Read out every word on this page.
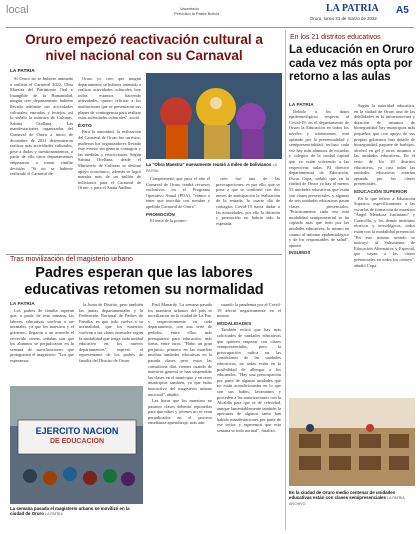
local	Vacentado
Periódico la Patria Bolivia	LA PATRIA
Oruro, lunes 21 de marzo de 2022
A5
Oruro empezó reactivación cultural a nivel nacional con su Carnaval
LA PATRIA

Si Oruro no se hubiese animado a realizar el Carnaval 2022, Obra Maestra del Patrimonio Oral e Intangible de la Humanidad, ningún otro departamento hubiese llevado adelante sus actividades culturales, entradas, y festejos, así lo señaló la ministra de Culturas, Sabina Orellana. Las manifestaciones organizadas del Carnaval de Oruro a inicio de diciembre de 2021 determinaron realizar más actividades culturales, pese a dudas y cuestionamientos, a partir de ello otros departamentos empezaron a tomar similar decisión. "Si no se hubiese realizado el Carnaval de

Oruro yo creo que ningún departamento se hubiera animado a realizar actividades culturales, hoy todos estamos haciendo actividades, quiero felicitar a los instituciones que se presentaron sus planes de contingencia para realizar estas actividades culturales", acotó.

ÉXITO

Para la autoridad, la realización del Carnaval de Oruro fue un éxito, pudieron los organizadores llevado éste evento sin generar contagios y las medidas y restricciones. Según Sabina Orellana, desde el Ministerio de Culturas se destinó apoyo económico, además se logró mandar más de un millón de bolivianos para el Carnaval de Oruro, y para el Anata Andino.

La "Obra Maestra" nuevamente reunió a miles de bolivianos LA PATRIA

Comprometió que para el año el Carnaval de Oruro tendrá recursos exclusivos en el Programa Operativo Anual (POA), "vamos a tener que inscribir con nombre y apellido Carnaval de Oruro".

PROMOCIÓN

El tema de la promo-

ción fue una de las preocupaciones, es por ello, que se pone a que se confirmó con dos meses de anticipación la realización de la entrada, lo cuarto día de contagios Covid-19 hacía dudar a las autoridades, por ello la difusión y promoción no habría sido la esperada.

Tras movilización del magisterio urbano
Padres esperan que las labores educativas retomen su normalidad
LA PATRIA

Los padres de familia esperan que, a partir de esta semana, las labores educativas vuelvan a ser normales, ya que los maestros y el gobierno, llegaron a un acuerdo el recorrido vierne, señalan son que los alumnos se perjudicaron en la semana de movilizaciones que protagonizó el magisterio. "Los que esperamos

la Junta de Distrito, pero también las juntas departamentales y la Federación Nacional de Padres de Familia, es que todo vuelva a su normalidad, que los maestros vuelvan a las clases normales según la modalidad que tenga cada unidad educativa en los nuevos departamentos", expresó el representante de los padres de familia del Distrito de Oruro,

EJERCITO NACION
DE EDUCACION
La semana pasada el magisterio urbano se movilizó en la ciudad de Oruro LA PATRIA

Paul Manardy. La semana pasada los maestros urbanos del país se movilizaron en la ciudad de La Paz, y respectivamente en cada departamento, con una serie de pedidos, entre ellos, más presupuesto para educación, más ítems, entre otros. "Hubo un gran perjuicio, primero en las marchas muchas unidades educativas en la pasada clases pero estos las consultoría días viernes cuando de maestros general se han suspendido las clases en el municipio y en otros municipios también, ya que hubo instructivo del magisterio urbano nacional", añadió.

Las horas que los maestros no pasaron clases deberán reponerlas para que niños y jóvenes no se vean perjudicados en el proceso enseñanza-aprendizaje, más aún

cuando la pandemia por el Covid-19 afectó negativamente en el mismo.

MODALIDADES

También refirió que hay más solicitudes de unidades educativas que quieren empezar con clases semipresenciales, pero la preocupación radica en las condiciones de las unidades educativas, no todas están en la posibilidad de albergar a los educandos. "Hay una preocupación por parte de algunas unidades que no están acondicionadas en lo que son sus baños, lavamanos y proceden a las autorizaciones con la Alcaldía para que se dé celeridad, aunque lamentablemente también la aperturas de algunos tanto han habido manifestaciones por parte de ese sector y esperemos que esta semana se todo normal", finalizó.

En los 21 distritos educativos
La educación en Oruro cada vez más opta por retorno a las aulas
LA PATRIA

Debido a los datos epidemiológicos respecto al Covid-19, en el departamento de Oruro la Educación en todos los niveles y subsistemas, está optando por la presencialidad y semipresencialidad, incluso cada vez hay más alumnos de escuelas y colegios de la ciudad capital que ya están volviendo a las respectivas aulas. El director departamental de Educación, Oscar Copa, señaló que en la ciudad de Oruro ya hay al menos 53 unidades educativas que están con clases presenciales, y algunas de seis unidades educativas pasan clases presenciales. "Prácticamente cada vez está modalidad semipresencial se ha copiado más que todo por las unidades educativas, lo mismo en cuanto al informe epidemiológico y de los responsables de salud", apuntó.

INSUMOS

Según la autoridad educativa, en la ciudad de Oruro una de las debilidades es la infraestructura y dotación de insumos de bioseguridad, hay municipios más pequeños que con apoyo de sus propias gobiernos han dotado de bioseguridad, paquete de barbijos, alcohol en gel y otros insumos a las unidades educativas. En el resto de los 20 distritos educativos, ya casi todas las unidades educativas estarían optando por las clases presenciales.

EDUCACIÓN SUPERIOR

En lo que refiere a Educación Superior, específicamente a las escuelas de formación de maestros "Ángel Mendoza Justiniano" y Caracollo, y los demás institutos técnicos y tecnológicos, todos están con la modalidad presencial. "En este mismo sentido se instruyó al Subsistema de Educación Alternativa y Especial, que vayan a las clases presenciales en todos los centros", añadió Copa.

En la ciudad de Oruro medio centenar de unidades educativas están con clases semipresenciales LA PATRIA ARCHIVO
